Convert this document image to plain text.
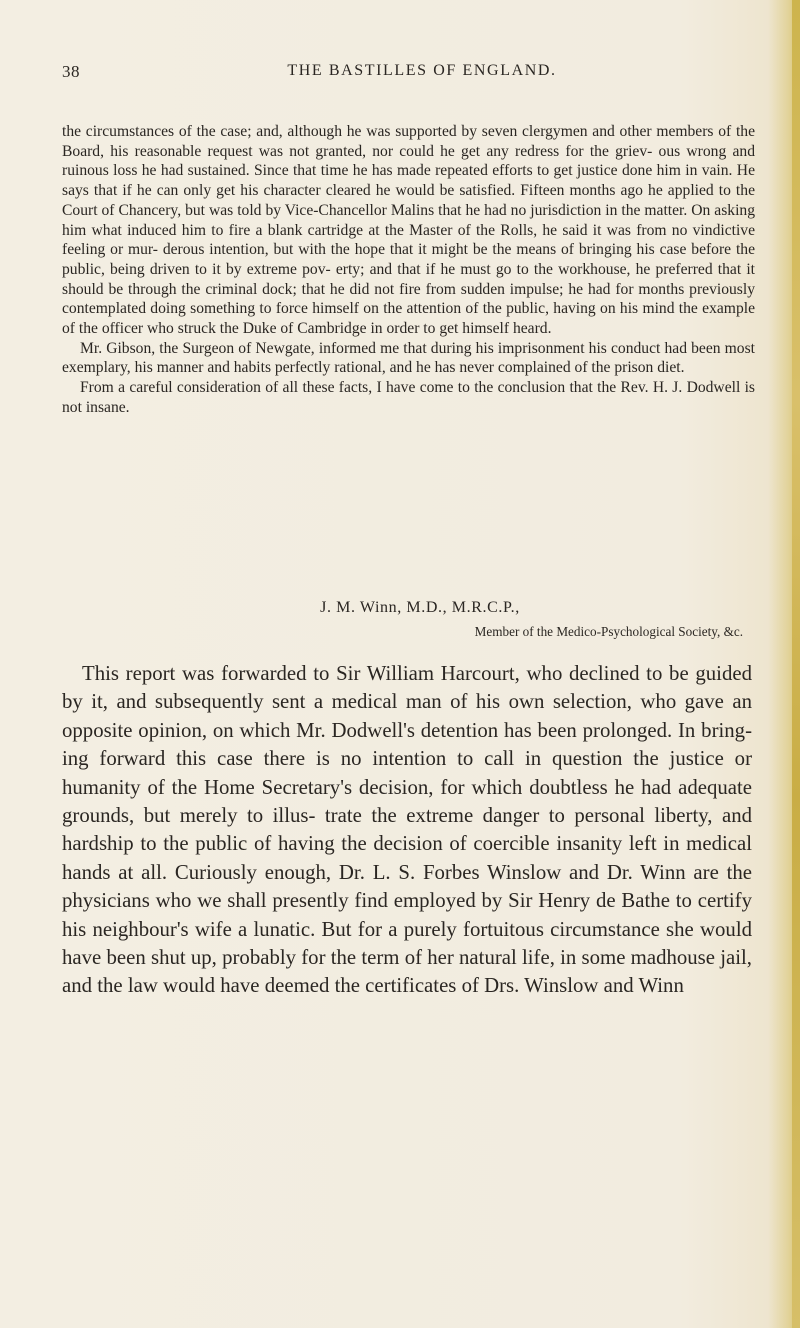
38	THE BASTILLES OF ENGLAND.

the circumstances of the case; and, although he was supported by seven clergymen and other members of the Board, his reasonable request was not granted, nor could he get any redress for the griev- ous wrong and ruinous loss he had sustained. Since that time he has made repeated efforts to get justice done him in vain. He says that if he can only get his character cleared he would be satisfied. Fifteen months ago he applied to the Court of Chancery, but was told by Vice-Chancellor Malins that he had no jurisdiction in the matter. On asking him what induced him to fire a blank cartridge at the Master of the Rolls, he said it was from no vindictive feeling or mur- derous intention, but with the hope that it might be the means of bringing his case before the public, being driven to it by extreme pov- erty; and that if he must go to the workhouse, he preferred that it should be through the criminal dock; that he did not fire from sudden impulse; he had for months previously contemplated doing something to force himself on the attention of the public, having on his mind the example of the officer who struck the Duke of Cambridge in order to get himself heard.

Mr. Gibson, the Surgeon of Newgate, informed me that during his imprisonment his conduct had been most exemplary, his manner and habits perfectly rational, and he has never complained of the prison diet.

From a careful consideration of all these facts, I have come to the conclusion that the Rev. H. J. Dodwell is not insane.

J. M. Winn, M.D., M.R.C.P.,
Member of the Medico-Psychological Society, &c.

This report was forwarded to Sir William Harcourt, who declined to be guided by it, and subsequently sent a medical man of his own selection, who gave an opposite opinion, on which Mr. Dodwell's detention has been prolonged. In bring- ing forward this case there is no intention to call in question the justice or humanity of the Home Secretary's decision, for which doubtless he had adequate grounds, but merely to illus- trate the extreme danger to personal liberty, and hardship to the public of having the decision of coercible insanity left in medical hands at all. Curiously enough, Dr. L. S. Forbes Winslow and Dr. Winn are the physicians who we shall presently find employed by Sir Henry de Bathe to certify his neighbour's wife a lunatic. But for a purely fortuitous circumstance she would have been shut up, probably for the term of her natural life, in some madhouse jail, and the law would have deemed the certificates of Drs. Winslow and Winn
